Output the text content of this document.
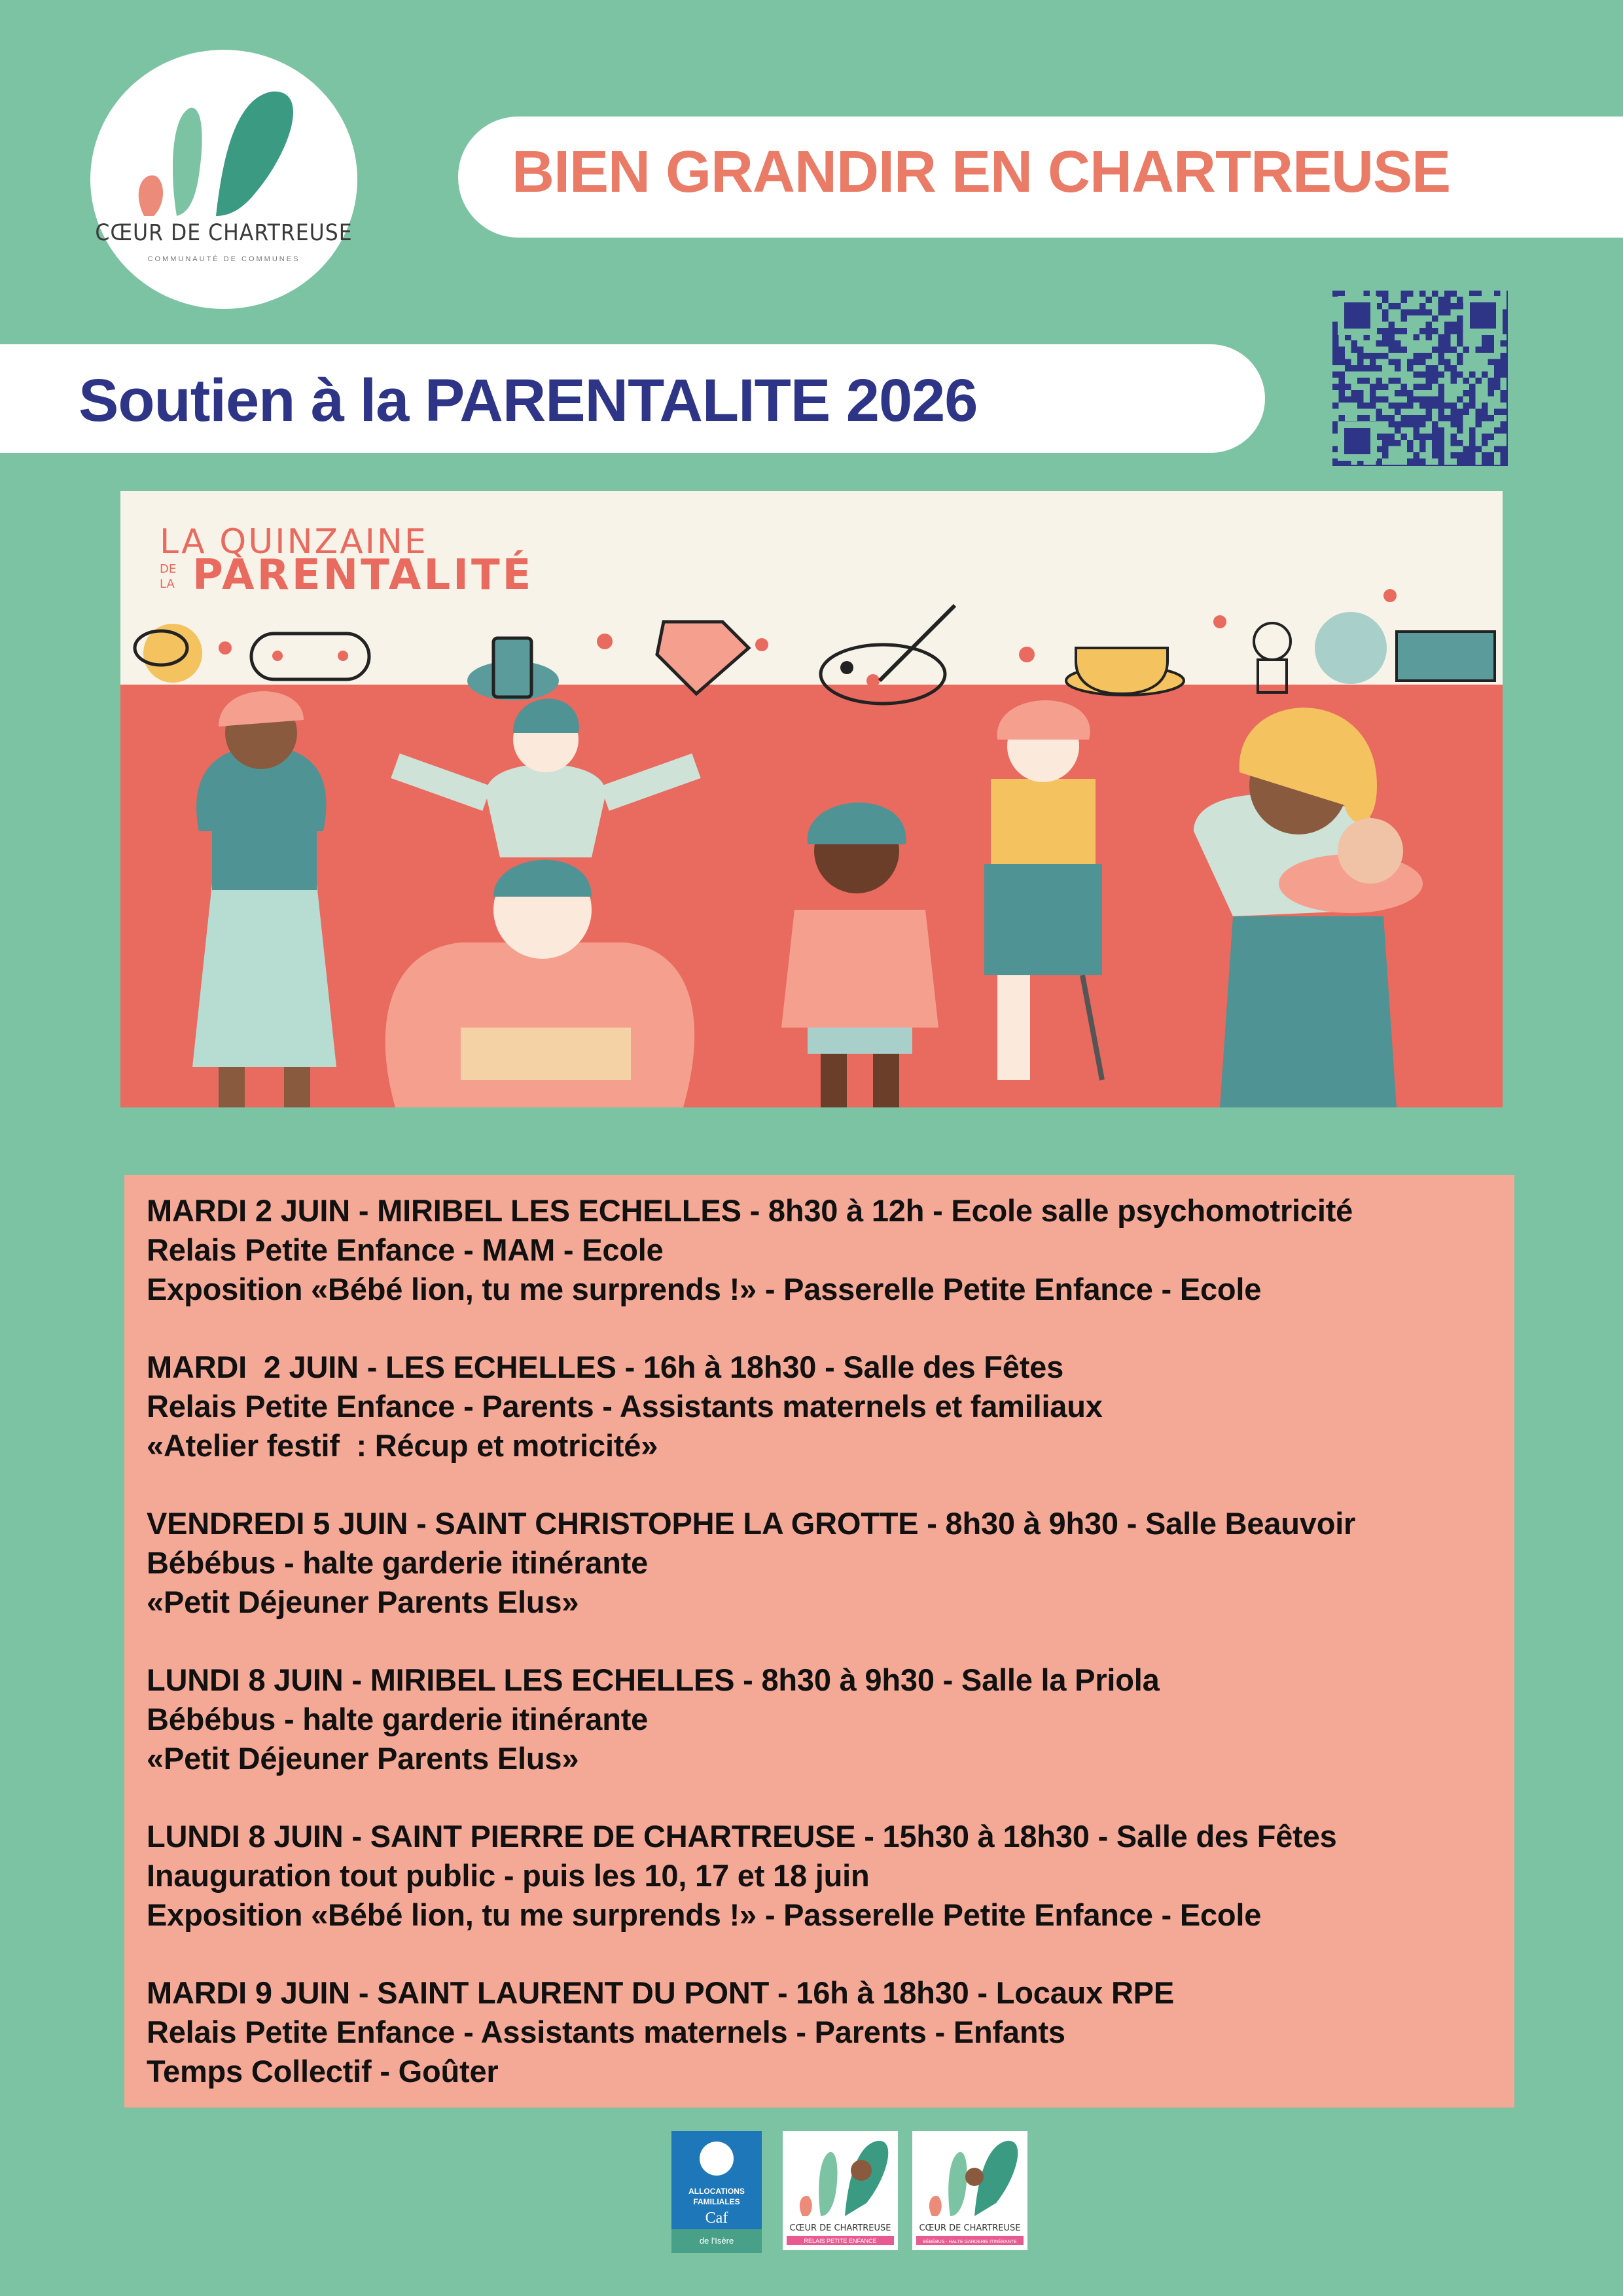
CŒUR DE CHARTREUSE
COMMUNAUTÉ DE COMMUNES
BIEN GRANDIR EN CHARTREUSE
Soutien à la PARENTALITE 2026
LA QUINZAINE
DE
LA PARENTALITÉ
MARDI 2 JUIN - MIRIBEL LES ECHELLES - 8h30 à 12h - Ecole salle psychomotricité
Relais Petite Enfance - MAM - Ecole
Exposition «Bébé lion, tu me surprends !» - Passerelle Petite Enfance - Ecole
MARDI  2 JUIN - LES ECHELLES - 16h à 18h30 - Salle des Fêtes
Relais Petite Enfance - Parents - Assistants maternels et familiaux
«Atelier festif  : Récup et motricité»
VENDREDI 5 JUIN - SAINT CHRISTOPHE LA GROTTE - 8h30 à 9h30 - Salle Beauvoir
Bébébus - halte garderie itinérante
«Petit Déjeuner Parents Elus»
LUNDI 8 JUIN - MIRIBEL LES ECHELLES - 8h30 à 9h30 - Salle la Priola
Bébébus - halte garderie itinérante
«Petit Déjeuner Parents Elus»
LUNDI 8 JUIN - SAINT PIERRE DE CHARTREUSE - 15h30 à 18h30 - Salle des Fêtes
Inauguration tout public - puis les 10, 17 et 18 juin
Exposition «Bébé lion, tu me surprends !» - Passerelle Petite Enfance - Ecole
MARDI 9 JUIN - SAINT LAURENT DU PONT - 16h à 18h30 - Locaux RPE
Relais Petite Enfance - Assistants maternels - Parents - Enfants
Temps Collectif - Goûter
ALLOCATIONS
FAMILIALES
Caf
de l'Isère
CŒUR DE CHARTREUSE
RELAIS PETITE ENFANCE
CŒUR DE CHARTREUSE
BÉBÉBUS - HALTE GARDERIE ITINÉRANTE
